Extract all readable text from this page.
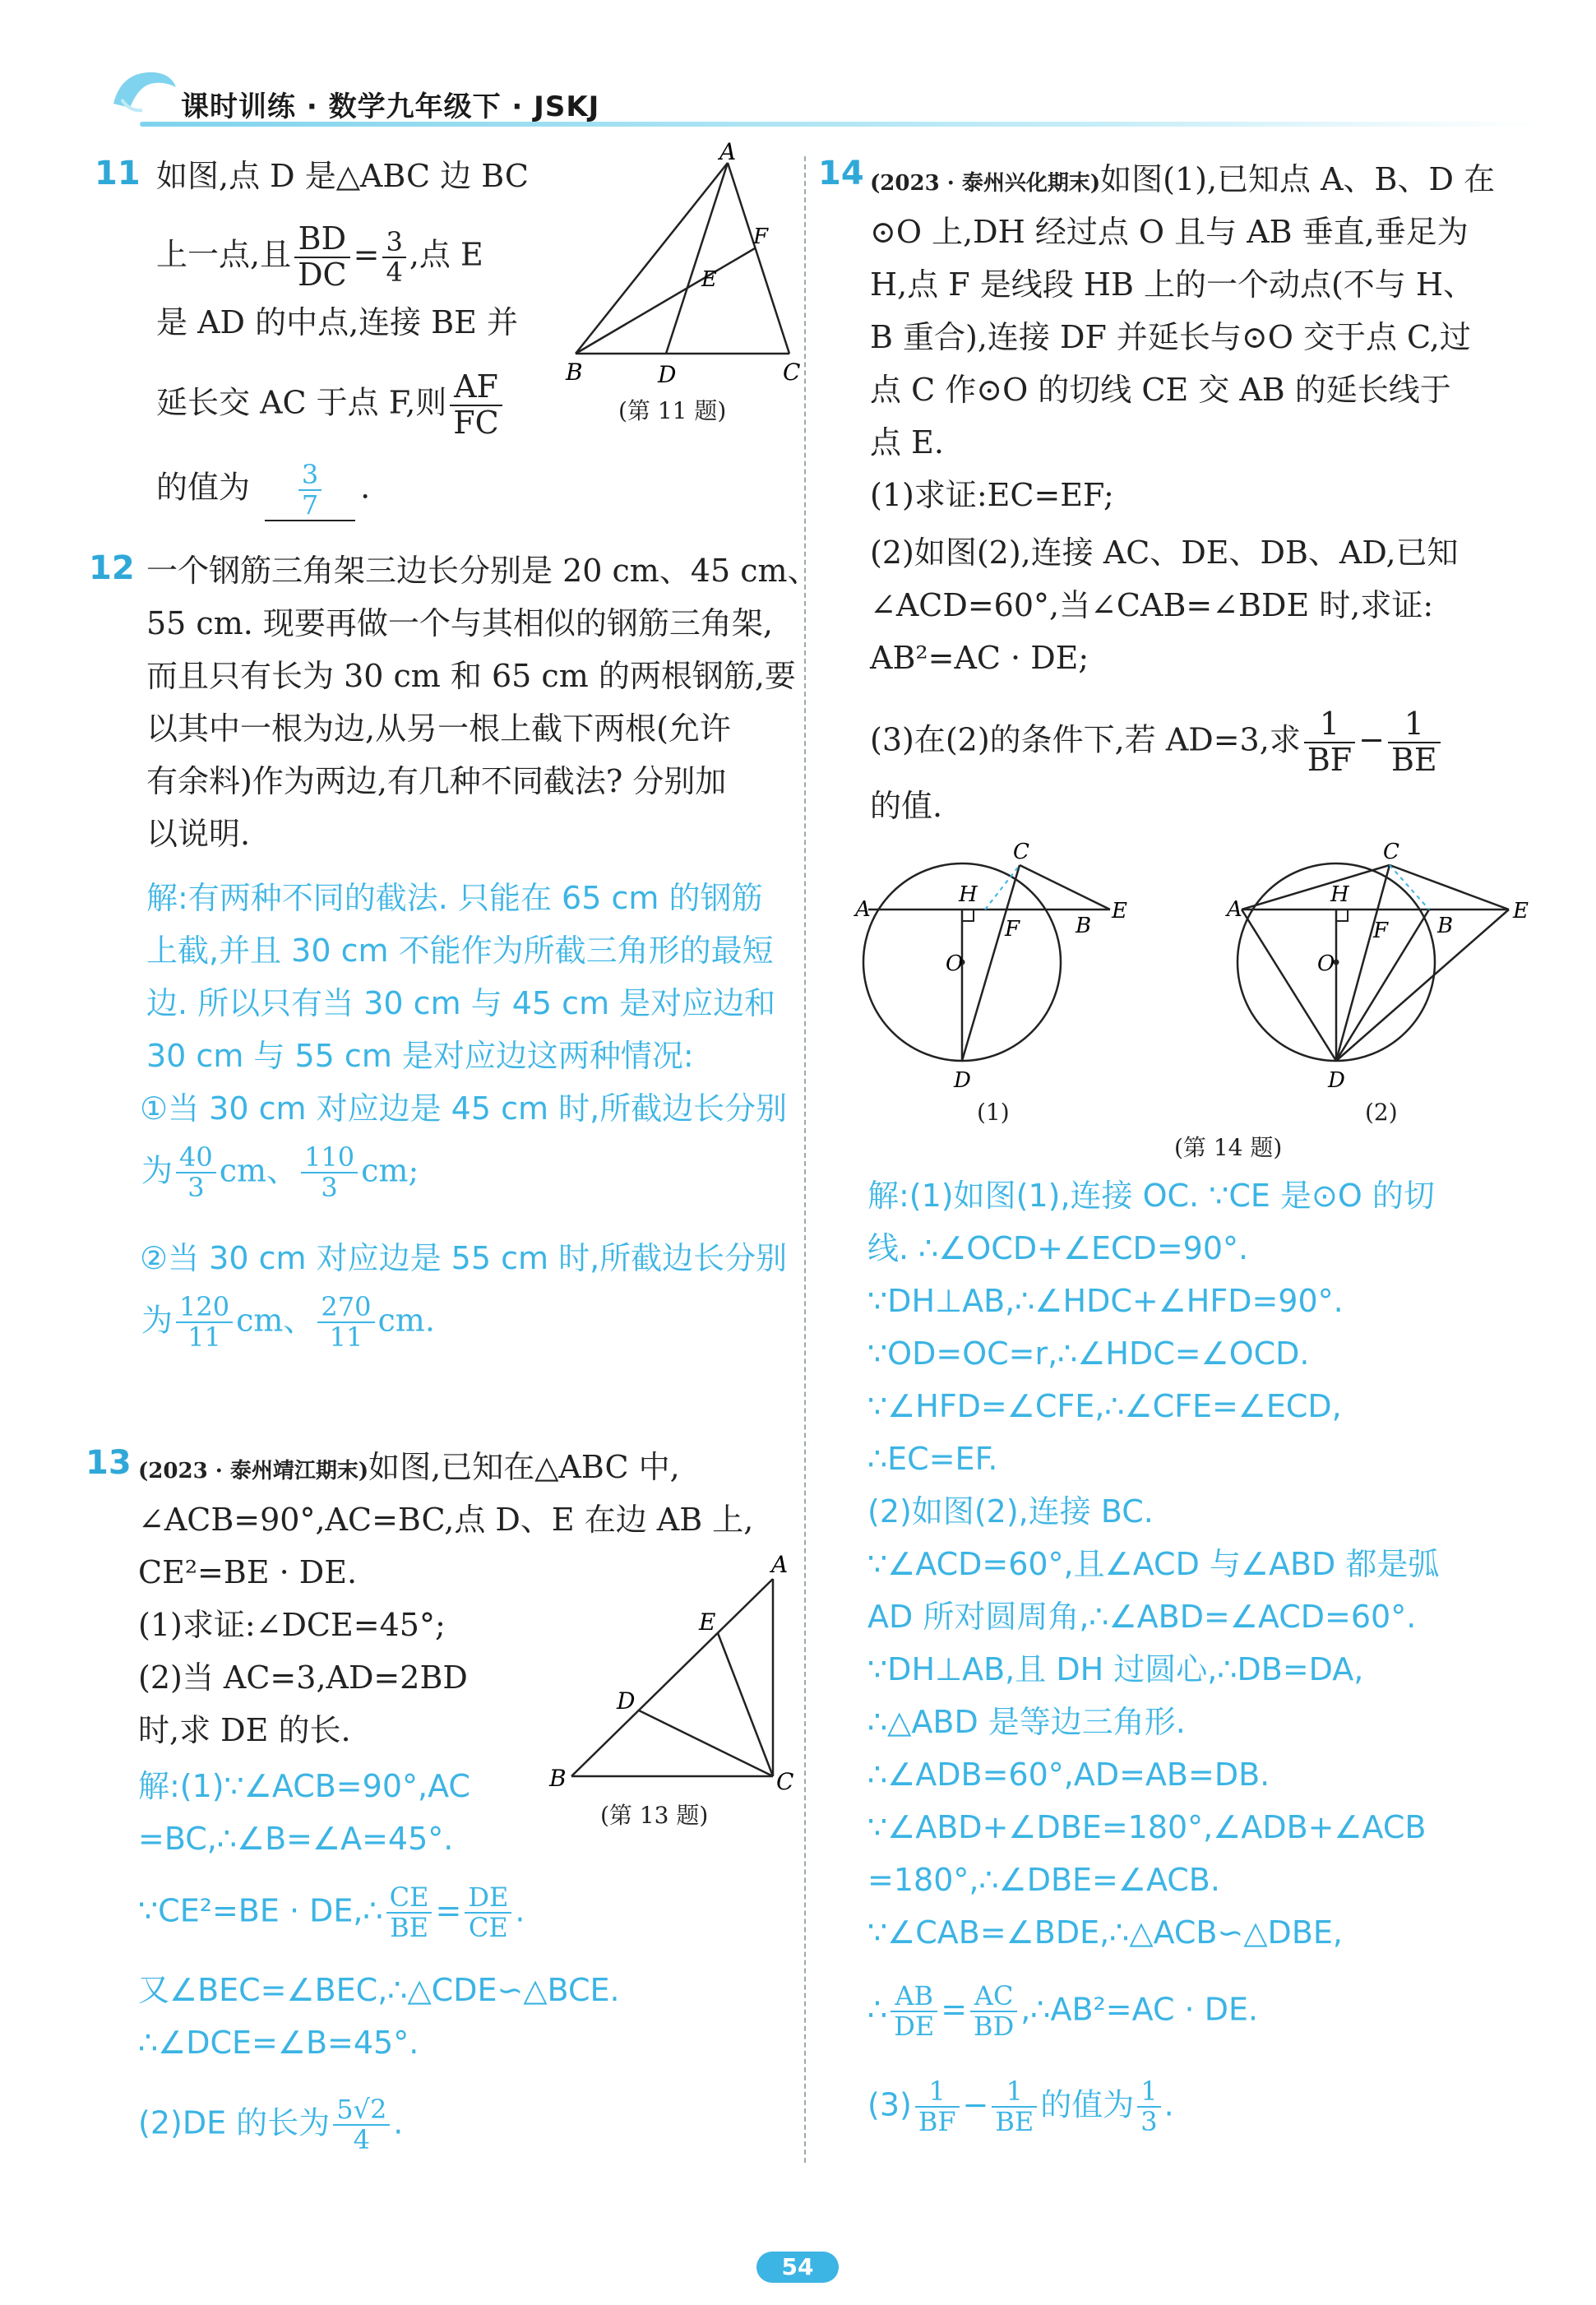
课时训练 · 数学九年级下 · JSKJ
11 如图,点 D 是△ABC 边 BC
上一点,且 $\frac{BD}{DC} = \frac{3}{4}$ ,点 E
是 AD 的中点,连接 BE 并
延长交 AC 于点 F,则 $\frac{AF}{FC}$
的值为 $\frac{3}{7}$ .
A
B	C
D
E
F
(第 11 题)
12 一个钢筋三角架三边长分别是 20 cm、45 cm、
55 cm. 现要再做一个与其相似的钢筋三角架,
而且只有长为 30 cm 和 65 cm 的两根钢筋,要
以其中一根为边,从另一根上截下两根(允许
有余料)作为两边,有几种不同截法? 分别加
以说明.
解:有两种不同的截法. 只能在 65 cm 的钢筋
上截,并且 30 cm 不能作为所截三角形的最短
边. 所以只有当 30 cm 与 45 cm 是对应边和
30 cm 与 55 cm 是对应边这两种情况:
①当 30 cm 对应边是 45 cm 时,所截边长分别
为 $\frac{40}{3}$ cm、 $\frac{110}{3}$ cm;
②当 30 cm 对应边是 55 cm 时,所截边长分别
为 $\frac{120}{11}$ cm、 $\frac{270}{11}$ cm.
13 (2023 · 泰州靖江期末)如图,已知在△ABC 中,
∠ACB=90°,AC=BC,点 D、E 在边 AB 上,
CE²=BE · DE.
(1)求证:∠DCE=45°;
(2)当 AC=3,AD=2BD
时,求 DE 的长.
A
B	C
D
E
(第 13 题)
解:(1)∵∠ACB=90°,AC
=BC,∴∠B=∠A=45°.
∵CE²=BE · DE,∴ $\frac{CE}{BE} = \frac{DE}{CE}$ .
又∠BEC=∠BEC,∴△CDE∽△BCE.
∴∠DCE=∠B=45°.
(2)DE 的长为 $\frac{5√2}{4}$ .
14 (2023 · 泰州兴化期末)如图(1),已知点 A、B、D 在
⊙O 上,DH 经过点 O 且与 AB 垂直,垂足为
H,点 F 是线段 HB 上的一个动点(不与 H、
B 重合),连接 DF 并延长与⊙O 交于点 C,过
点 C 作⊙O 的切线 CE 交 AB 的延长线于
点 E.
(1)求证:EC=EF;
(2)如图(2),连接 AC、DE、DB、AD,已知
∠ACD=60°,当∠CAB=∠BDE 时,求证:
AB²=AC · DE;
(3)在(2)的条件下,若 AD=3,求 $\frac{1}{BF} - \frac{1}{BE}$
的值.
A
B
C
D
E
F
H
O
(1)
A
B
C
D
E
F
H
O
(2)
(第 14 题)
解:(1)如图(1),连接 OC. ∵CE 是⊙O 的切
线. ∴∠OCD+∠ECD=90°.
∵DH⊥AB,∴∠HDC+∠HFD=90°.
∵OD=OC=r,∴∠HDC=∠OCD.
∵∠HFD=∠CFE,∴∠CFE=∠ECD,
∴EC=EF.
(2)如图(2),连接 BC.
∵∠ACD=60°,且∠ACD 与∠ABD 都是弧
AD 所对圆周角,∴∠ABD=∠ACD=60°.
∵DH⊥AB,且 DH 过圆心,∴DB=DA,
∴△ABD 是等边三角形.
∴∠ADB=60°,AD=AB=DB.
∵∠ABD+∠DBE=180°,∠ADB+∠ACB
=180°,∴∠DBE=∠ACB.
∵∠CAB=∠BDE,∴△ACB∽△DBE,
∴ $\frac{AB}{DE} = \frac{AC}{BD}$ ,∴AB²=AC · DE.
$(3) \frac{1}{BF} - \frac{1}{BE}$ 的值为 $\frac{1}{3}$ .
54
